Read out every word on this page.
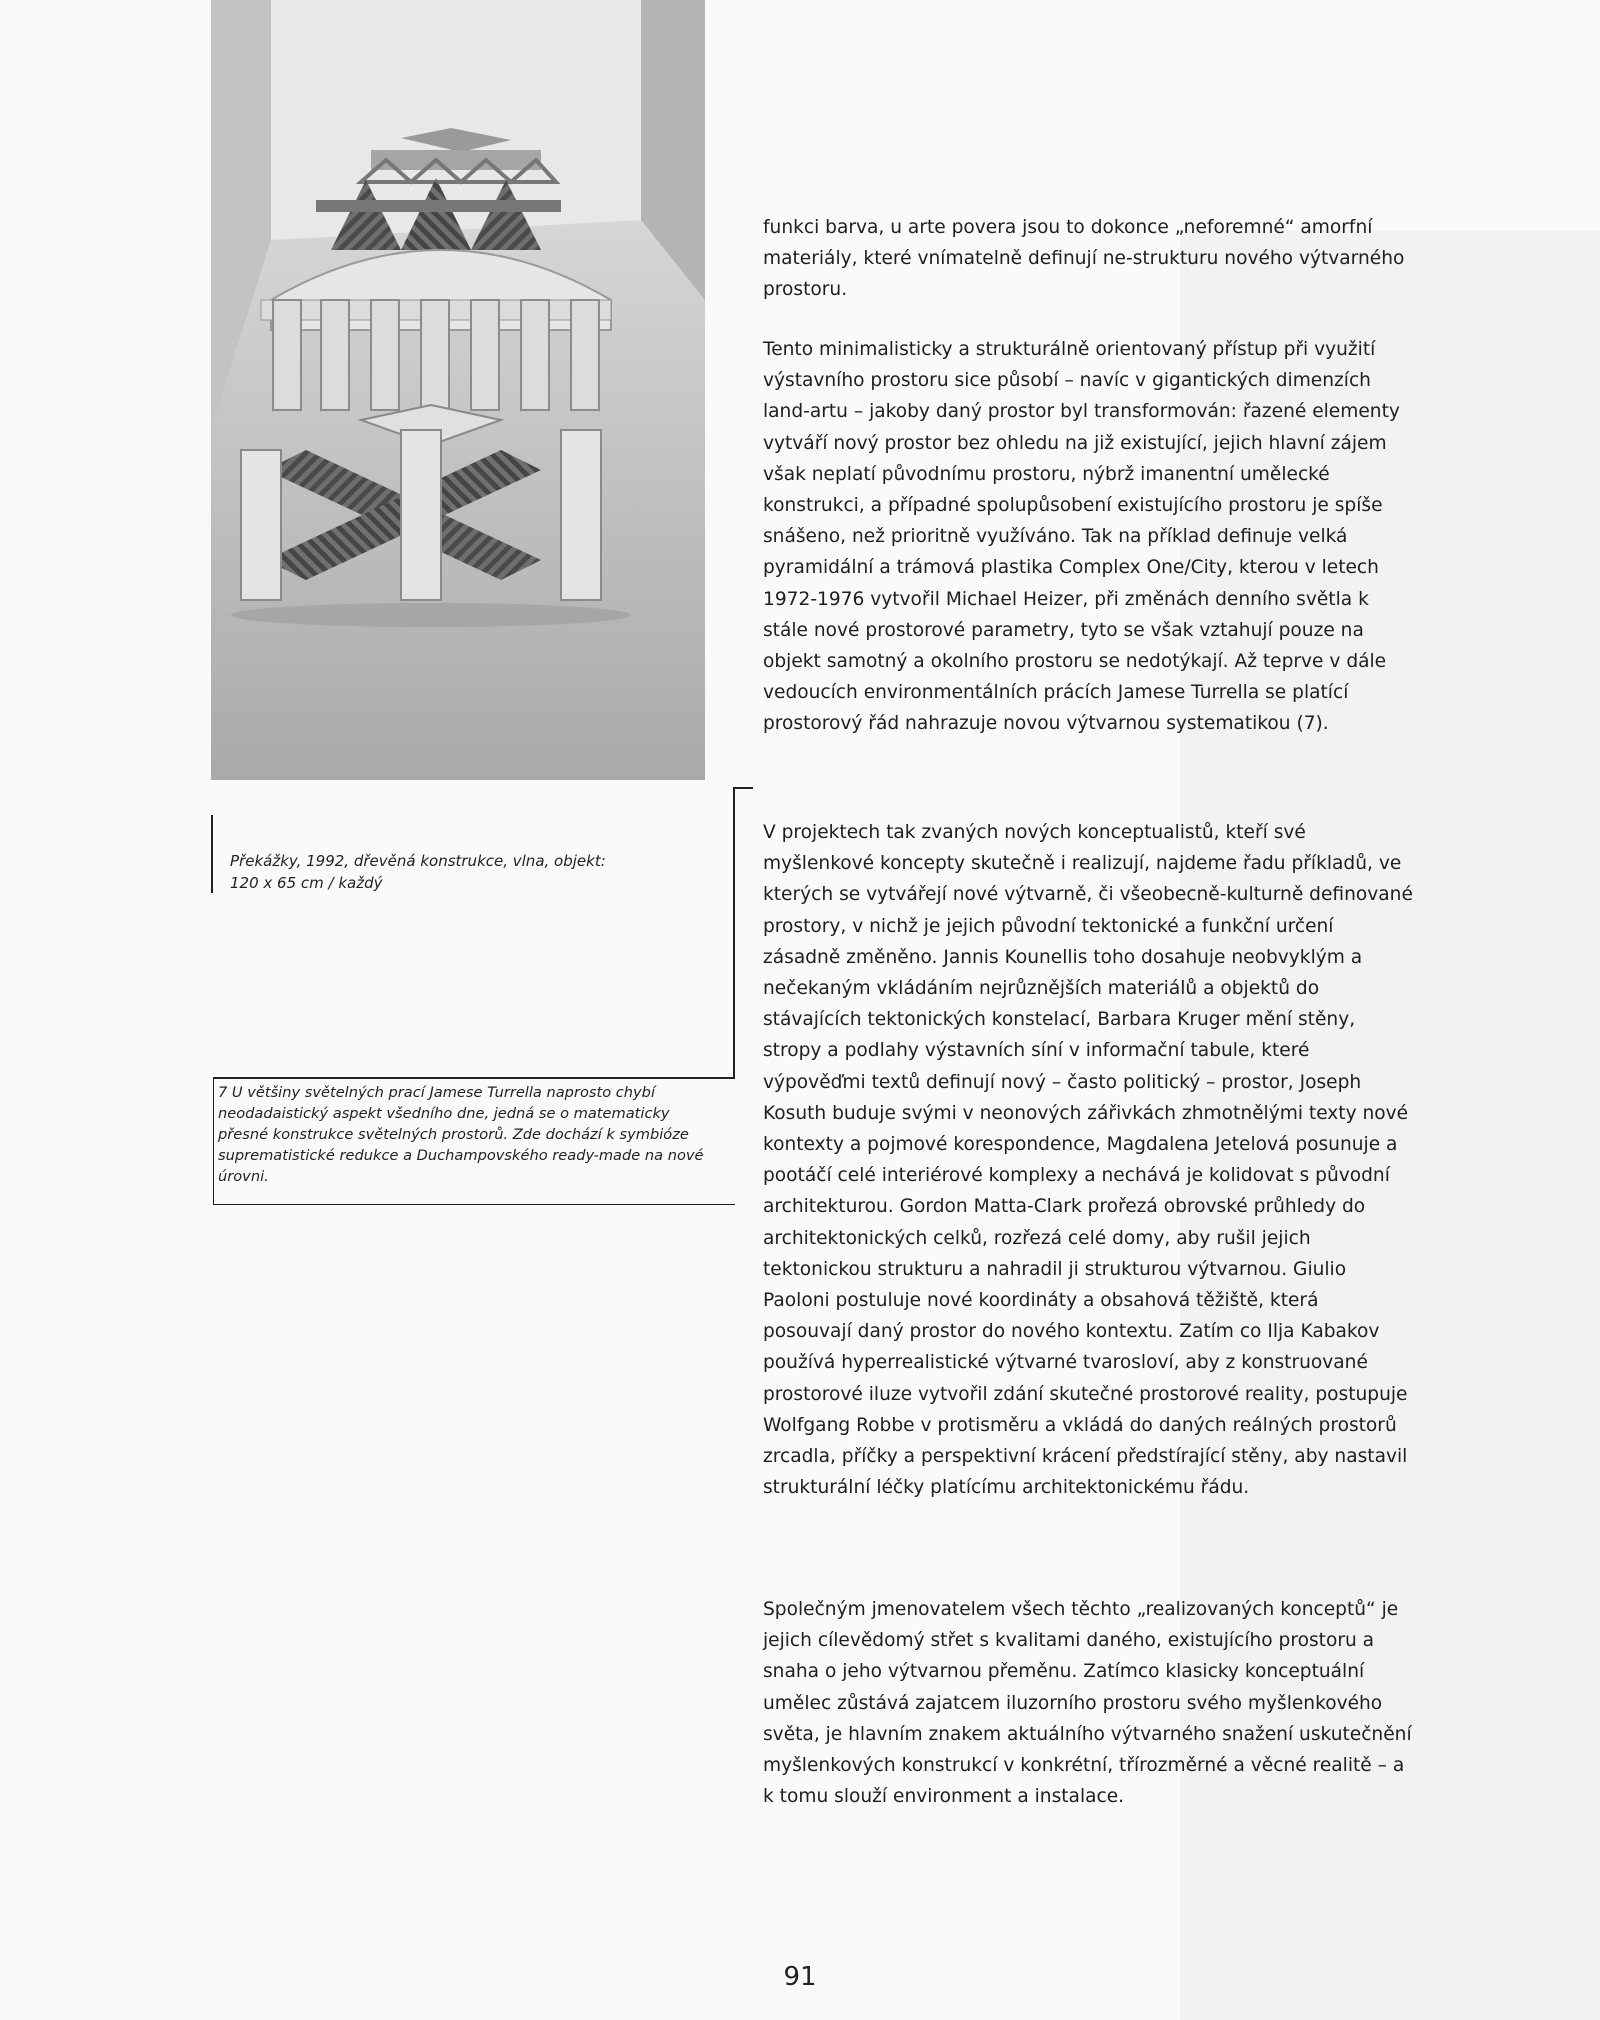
funkci barva, u arte povera jsou to dokonce „neforemné“ amorfní materiály, které vnímatelně definují ne-strukturu nového výtvarného prostoru.

Tento minimalisticky a strukturálně orientovaný přístup při využití výstavního prostoru sice působí – navíc v gigantických dimenzích land-artu – jakoby daný prostor byl transformován: řazené elementy vytváří nový prostor bez ohledu na již existující, jejich hlavní zájem však neplatí původnímu prostoru, nýbrž imanentní umělecké konstrukci, a případné spolupůsobení existujícího prostoru je spíše snášeno, než prioritně využíváno. Tak na příklad definuje velká pyramidální a trámová plastika Complex One/City, kterou v letech 1972-1976 vytvořil Michael Heizer, při změnách denního světla k stále nové prostorové parametry, tyto se však vztahují pouze na objekt samotný a okolního prostoru se nedotýkají. Až teprve v dále vedoucích environmentálních prácích Jamese Turrella se platící prostorový řád nahrazuje novou výtvarnou systematikou (7).

V projektech tak zvaných nových konceptualistů, kteří své myšlenkové koncepty skutečně i realizují, najdeme řadu příkladů, ve kterých se vytvářejí nové výtvarně, či všeobecně-kulturně definované prostory, v nichž je jejich původní tektonické a funkční určení zásadně změněno. Jannis Kounellis toho dosahuje neobvyklým a nečekaným vkládáním nejrůznějších materiálů a objektů do stávajících tektonických konstelací, Barbara Kruger mění stěny, stropy a podlahy výstavních síní v informační tabule, které výpověďmi textů definují nový – často politický – prostor, Joseph Kosuth buduje svými v neonových zářivkách zhmotnělými texty nové kontexty a pojmové korespondence, Magdalena Jetelová posunuje a pootáčí celé interiérové komplexy a nechává je kolidovat s původní architekturou. Gordon Matta-Clark prořezá obrovské průhledy do architektonických celků, rozřezá celé domy, aby rušil jejich tektonickou strukturu a nahradil ji strukturou výtvarnou. Giulio Paoloni postuluje nové koordináty a obsahová těžiště, která posouvají daný prostor do nového kontextu. Zatím co Ilja Kabakov používá hyperrealistické výtvarné tvarosloví, aby z konstruované prostorové iluze vytvořil zdání skutečné prostorové reality, postupuje Wolfgang Robbe v protisměru a vkládá do daných reálných prostorů zrcadla, příčky a perspektivní krácení předstírající stěny, aby nastavil strukturální léčky platícímu architektonickému řádu.

Společným jmenovatelem všech těchto „realizovaných konceptů“ je jejich cílevědomý střet s kvalitami daného, existujícího prostoru a snaha o jeho výtvarnou přeměnu. Zatímco klasicky konceptuální umělec zůstává zajatcem iluzorního prostoru svého myšlenkového světa, je hlavním znakem aktuálního výtvarného snažení uskutečnění myšlenkových konstrukcí v konkrétní, třírozměrné a věcné realitě – a k tomu slouží environment a instalace.

Překážky, 1992, dřevěná konstrukce, vlna, objekt: 120 x 65 cm / každý

7 U většiny světelných prací Jamese Turrella naprosto chybí neodadaistický aspekt všedního dne, jedná se o matematicky přesné konstrukce světelných prostorů. Zde dochází k symbióze suprematistické redukce a Duchampovského ready-made na nové úrovni.

91
